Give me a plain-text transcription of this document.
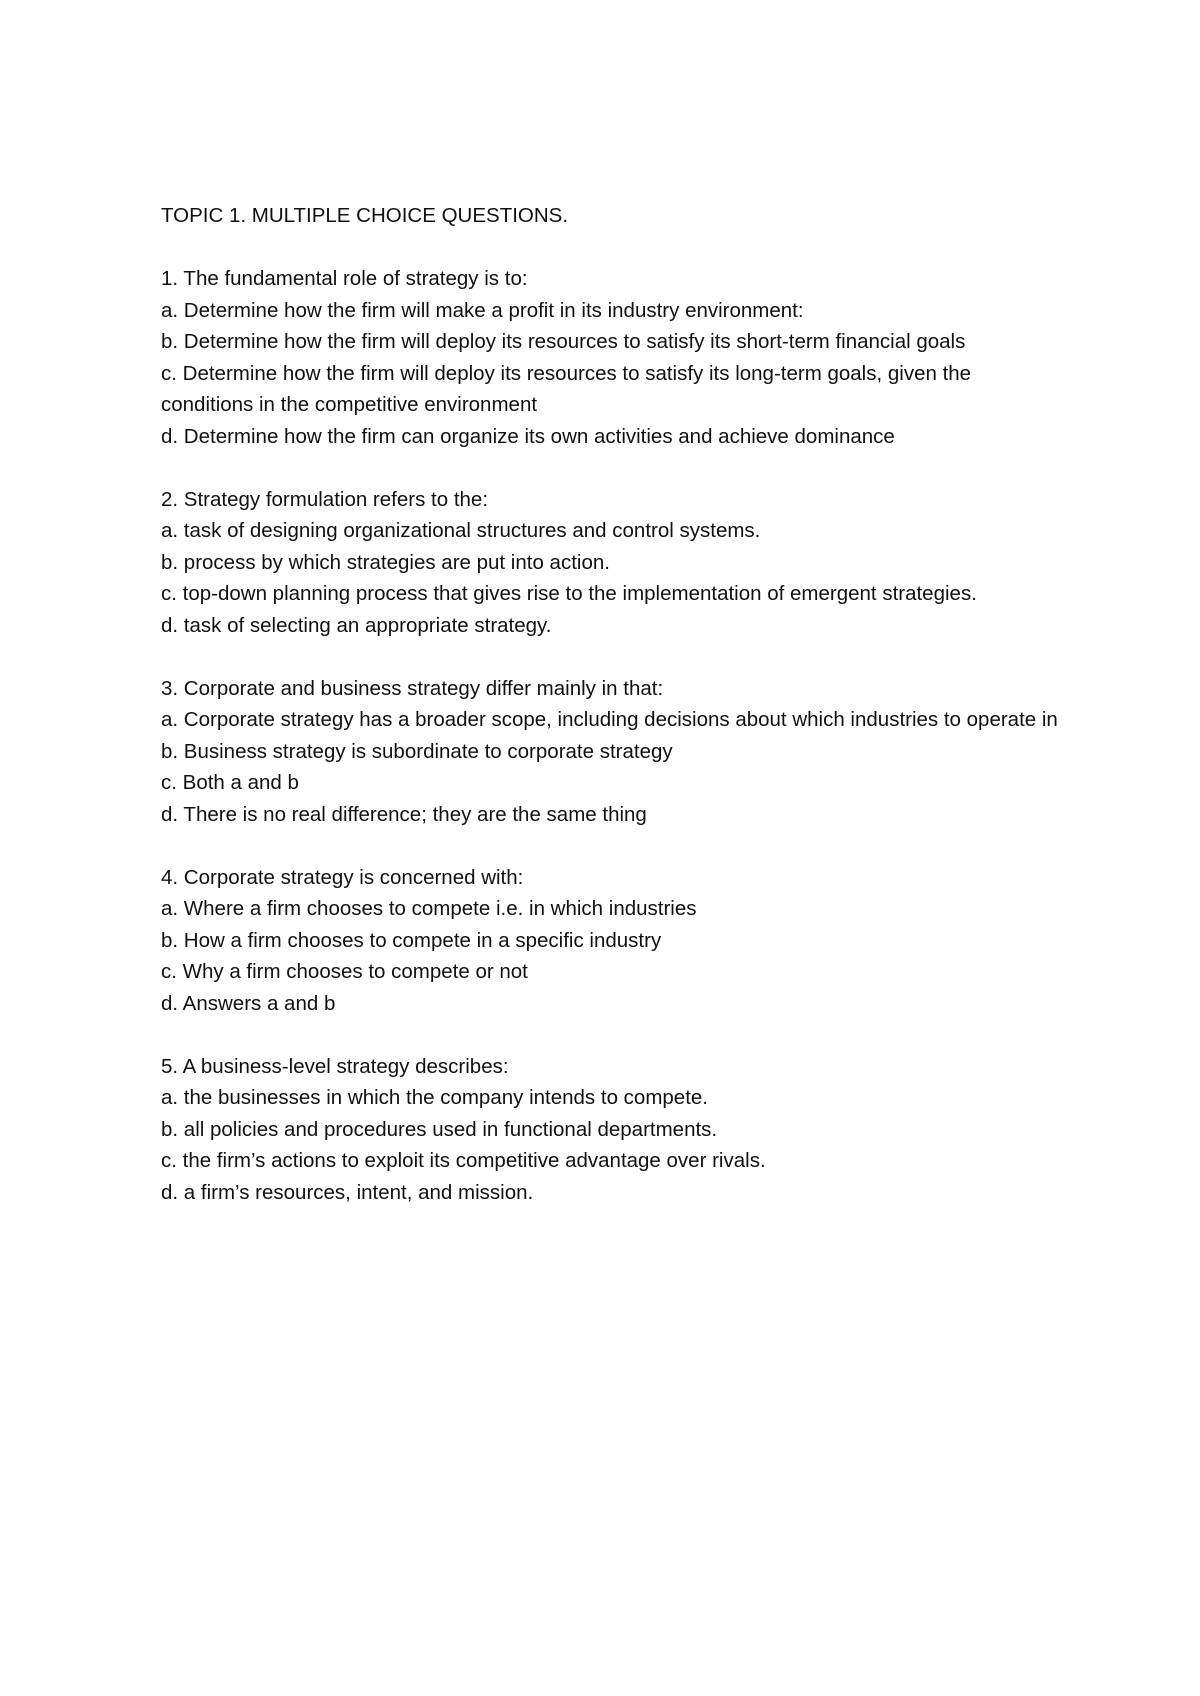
TOPIC 1. MULTIPLE CHOICE QUESTIONS.
1. The fundamental role of strategy is to:
a. Determine how the firm will make a profit in its industry environment:
b. Determine how the firm will deploy its resources to satisfy its short-term financial goals
c. Determine how the firm will deploy its resources to satisfy its long-term goals, given the conditions in the competitive environment
d. Determine how the firm can organize its own activities and achieve dominance
2. Strategy formulation refers to the:
a. task of designing organizational structures and control systems.
b. process by which strategies are put into action.
c. top-down planning process that gives rise to the implementation of emergent strategies.
d. task of selecting an appropriate strategy.
3. Corporate and business strategy differ mainly in that:
a. Corporate strategy has a broader scope, including decisions about which industries to operate in
b. Business strategy is subordinate to corporate strategy
c. Both a and b
d. There is no real difference; they are the same thing
4. Corporate strategy is concerned with:
a. Where a firm chooses to compete i.e. in which industries
b. How a firm chooses to compete in a specific industry
c. Why a firm chooses to compete or not
d. Answers a and b
5. A business-level strategy describes:
a. the businesses in which the company intends to compete.
b. all policies and procedures used in functional departments.
c. the firm’s actions to exploit its competitive advantage over rivals.
d. a firm’s resources, intent, and mission.
